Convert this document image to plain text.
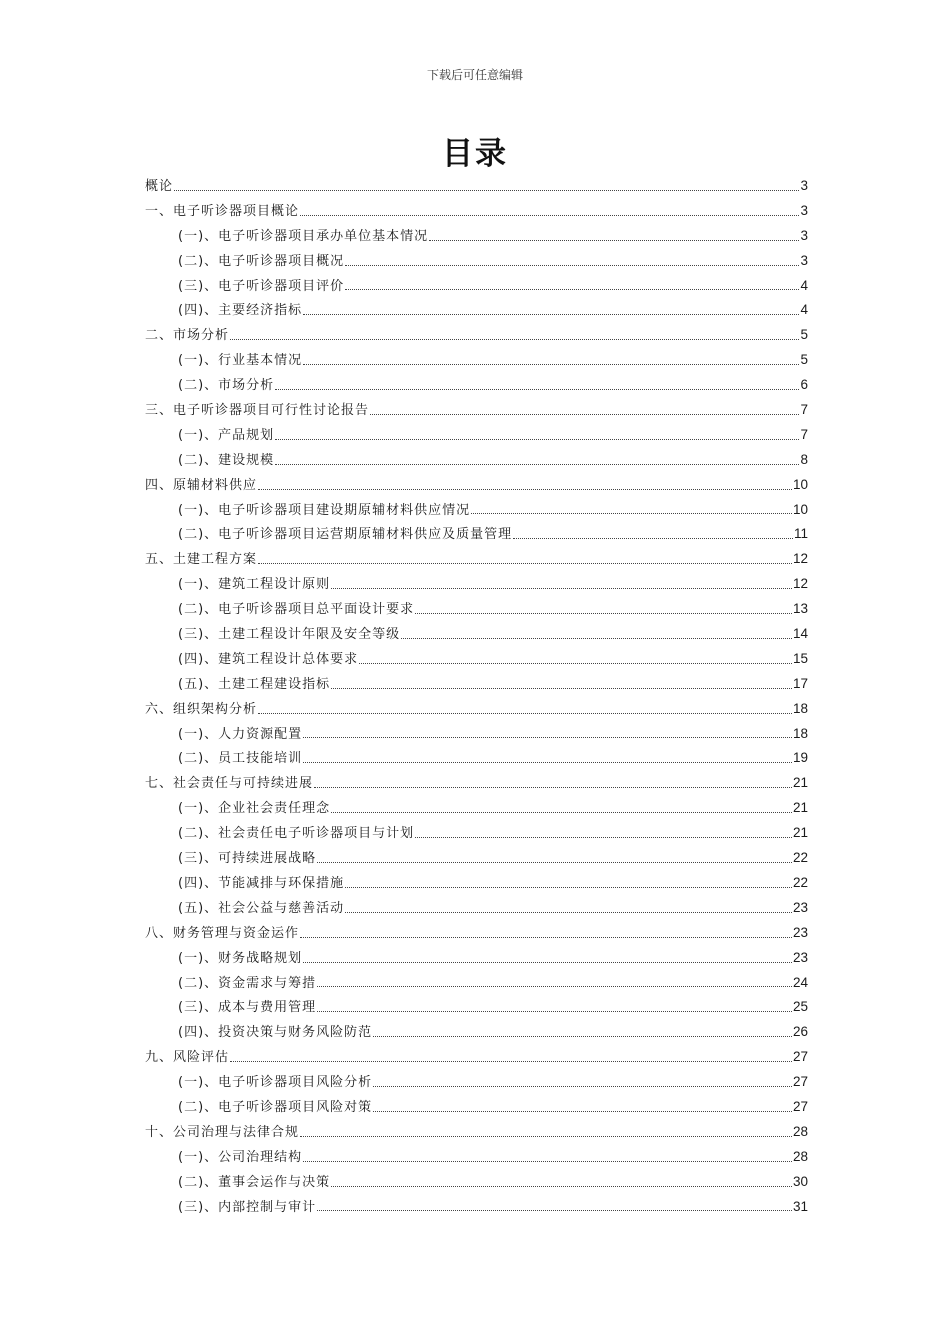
下载后可任意编辑
目录
概论	3
一、电子听诊器项目概论	3
(一)、电子听诊器项目承办单位基本情况	3
(二)、电子听诊器项目概况	3
(三)、电子听诊器项目评价	4
(四)、主要经济指标	4
二、市场分析	5
(一)、行业基本情况	5
(二)、市场分析	6
三、电子听诊器项目可行性讨论报告	7
(一)、产品规划	7
(二)、建设规模	8
四、原辅材料供应	10
(一)、电子听诊器项目建设期原辅材料供应情况	10
(二)、电子听诊器项目运营期原辅材料供应及质量管理	11
五、土建工程方案	12
(一)、建筑工程设计原则	12
(二)、电子听诊器项目总平面设计要求	13
(三)、土建工程设计年限及安全等级	14
(四)、建筑工程设计总体要求	15
(五)、土建工程建设指标	17
六、组织架构分析	18
(一)、人力资源配置	18
(二)、员工技能培训	19
七、社会责任与可持续进展	21
(一)、企业社会责任理念	21
(二)、社会责任电子听诊器项目与计划	21
(三)、可持续进展战略	22
(四)、节能减排与环保措施	22
(五)、社会公益与慈善活动	23
八、财务管理与资金运作	23
(一)、财务战略规划	23
(二)、资金需求与筹措	24
(三)、成本与费用管理	25
(四)、投资决策与财务风险防范	26
九、风险评估	27
(一)、电子听诊器项目风险分析	27
(二)、电子听诊器项目风险对策	27
十、公司治理与法律合规	28
(一)、公司治理结构	28
(二)、董事会运作与决策	30
(三)、内部控制与审计	31
